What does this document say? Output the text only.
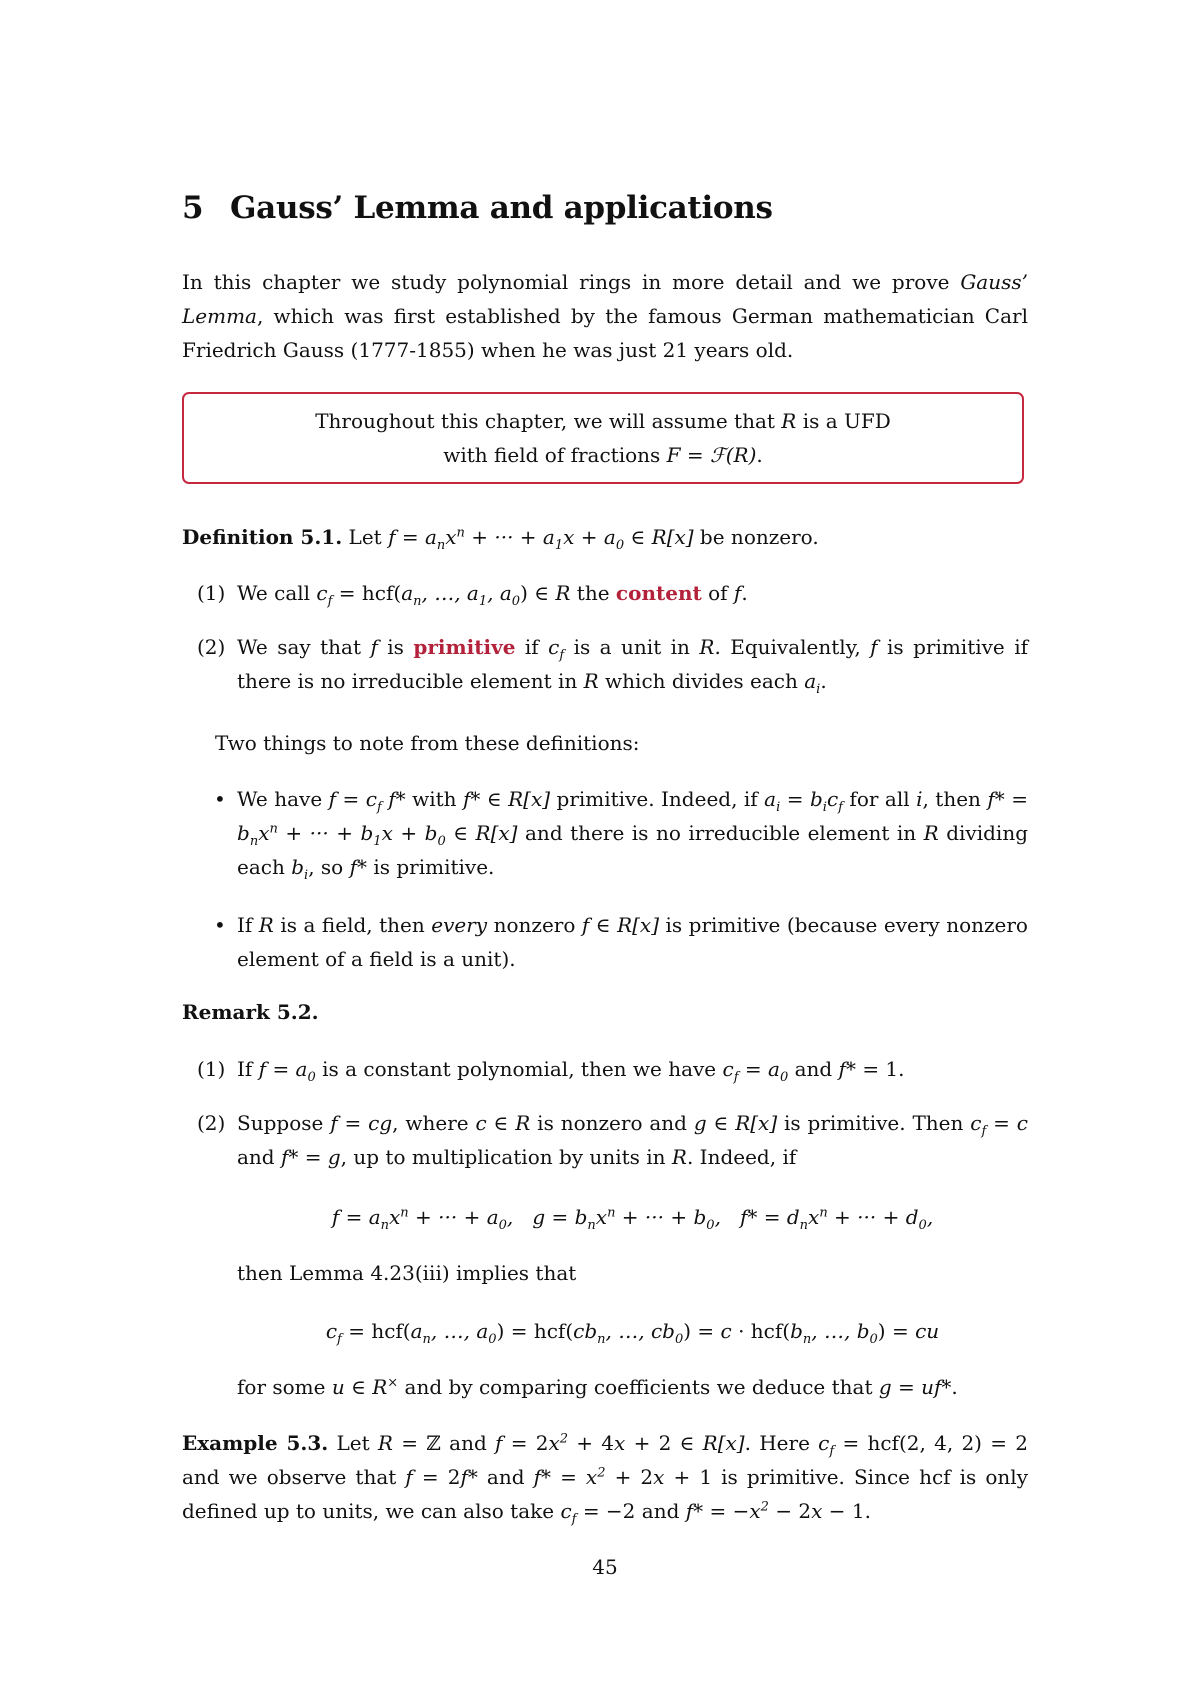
5 Gauss’ Lemma and applications

In this chapter we study polynomial rings in more detail and we prove Gauss’ Lemma, which was first established by the famous German mathematician Carl Friedrich Gauss (1777-1855) when he was just 21 years old.

Throughout this chapter, we will assume that R is a UFD
with field of fractions F = ℱ(R).

Definition 5.1. Let $f = a_nx^n$ + ··· + $a_1x + a_0$ ∈ R[x] be nonzero.

(1) We call $c_f = hcf(a_n$, …, $a_1$, $a_0$) ∈ R the content of f.

(2) We say that f is primitive if $c_f$ is a unit in R. Equivalently, f is primitive if there is no irreducible element in R which divides each $a_i$.

Two things to note from these definitions:

• We have $f = c_f$ f* with f* ∈ R[x] primitive. Indeed, if $a_i = b_ic_f$ for all i, then $f* = b_nx^n$ + ··· + $b_1x + b_0$ ∈ R[x] and there is no irreducible element in R dividing each $b_i$, so f* is primitive.

• If R is a field, then every nonzero f ∈ R[x] is primitive (because every nonzero element of a field is a unit).

Remark 5.2.

(1) If $f = a_0$ is a constant polynomial, then we have $c_f = a_0$ and f* = 1.

(2) Suppose f = cg, where c ∈ R is nonzero and g ∈ R[x] is primitive. Then $c_f = c$ and f* = g, up to multiplication by units in R. Indeed, if

$f = a_nx^n$ + ··· + $a_0$,   $g = b_nx^n$ + ··· + $b_0$,   $f* = d_nx^n$ + ··· + $d_0$,

then Lemma 4.23(iii) implies that

$c_f = hcf(a_n$, …, $a_0) = hcf(cb_n$, …, $cb_0) = c \cdot hcf(b_n$, …, $b_0$) = cu

for some u ∈ R× and by comparing coefficients we deduce that g = uf*.

Example 5.3. Let R = ℤ and $f = 2x^2 + 4x + 2$ ∈ R[x]. Here $c_f = hcf(2$, 4, 2) = 2 and we observe that f = 2f* and $f* = x^2 + 2x + 1$ is primitive. Since hcf is only defined up to units, we can also take $c_f = -2$ and $f* = -x^2 - 2x - 1$.

45
